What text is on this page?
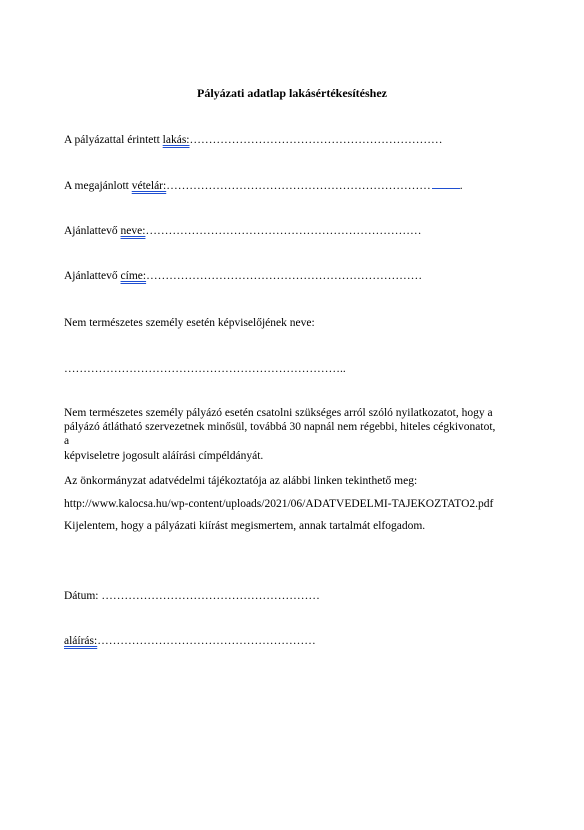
Pályázati adatlap lakásértékesítéshez
A pályázattal érintett lakás:…………………………………………………………
A megajánlott vételár:……………………………………………………………	.
Ajánlattevő neve:………………………………………………………………
Ajánlattevő címe:………………………………………………………………
Nem természetes személy esetén képviselőjének neve:
………………………………………………………………..
Nem természetes személy pályázó esetén csatolni szükséges arról szóló nyilatkozatot, hogy a
pályázó átlátható szervezetnek minősül, továbbá 30 napnál nem régebbi, hiteles cégkivonatot,
a
képviseletre jogosult aláírási címpéldányát.
Az önkormányzat adatvédelmi tájékoztatója az alábbi linken tekinthető meg:
http://www.kalocsa.hu/wp-content/uploads/2021/06/ADATVEDELMI-TAJEKOZTATO2.pdf
Kijelentem, hogy a pályázati kiírást megismertem, annak tartalmát elfogadom.
Dátum: …………………………………………………
aláírás:…………………………………………………
